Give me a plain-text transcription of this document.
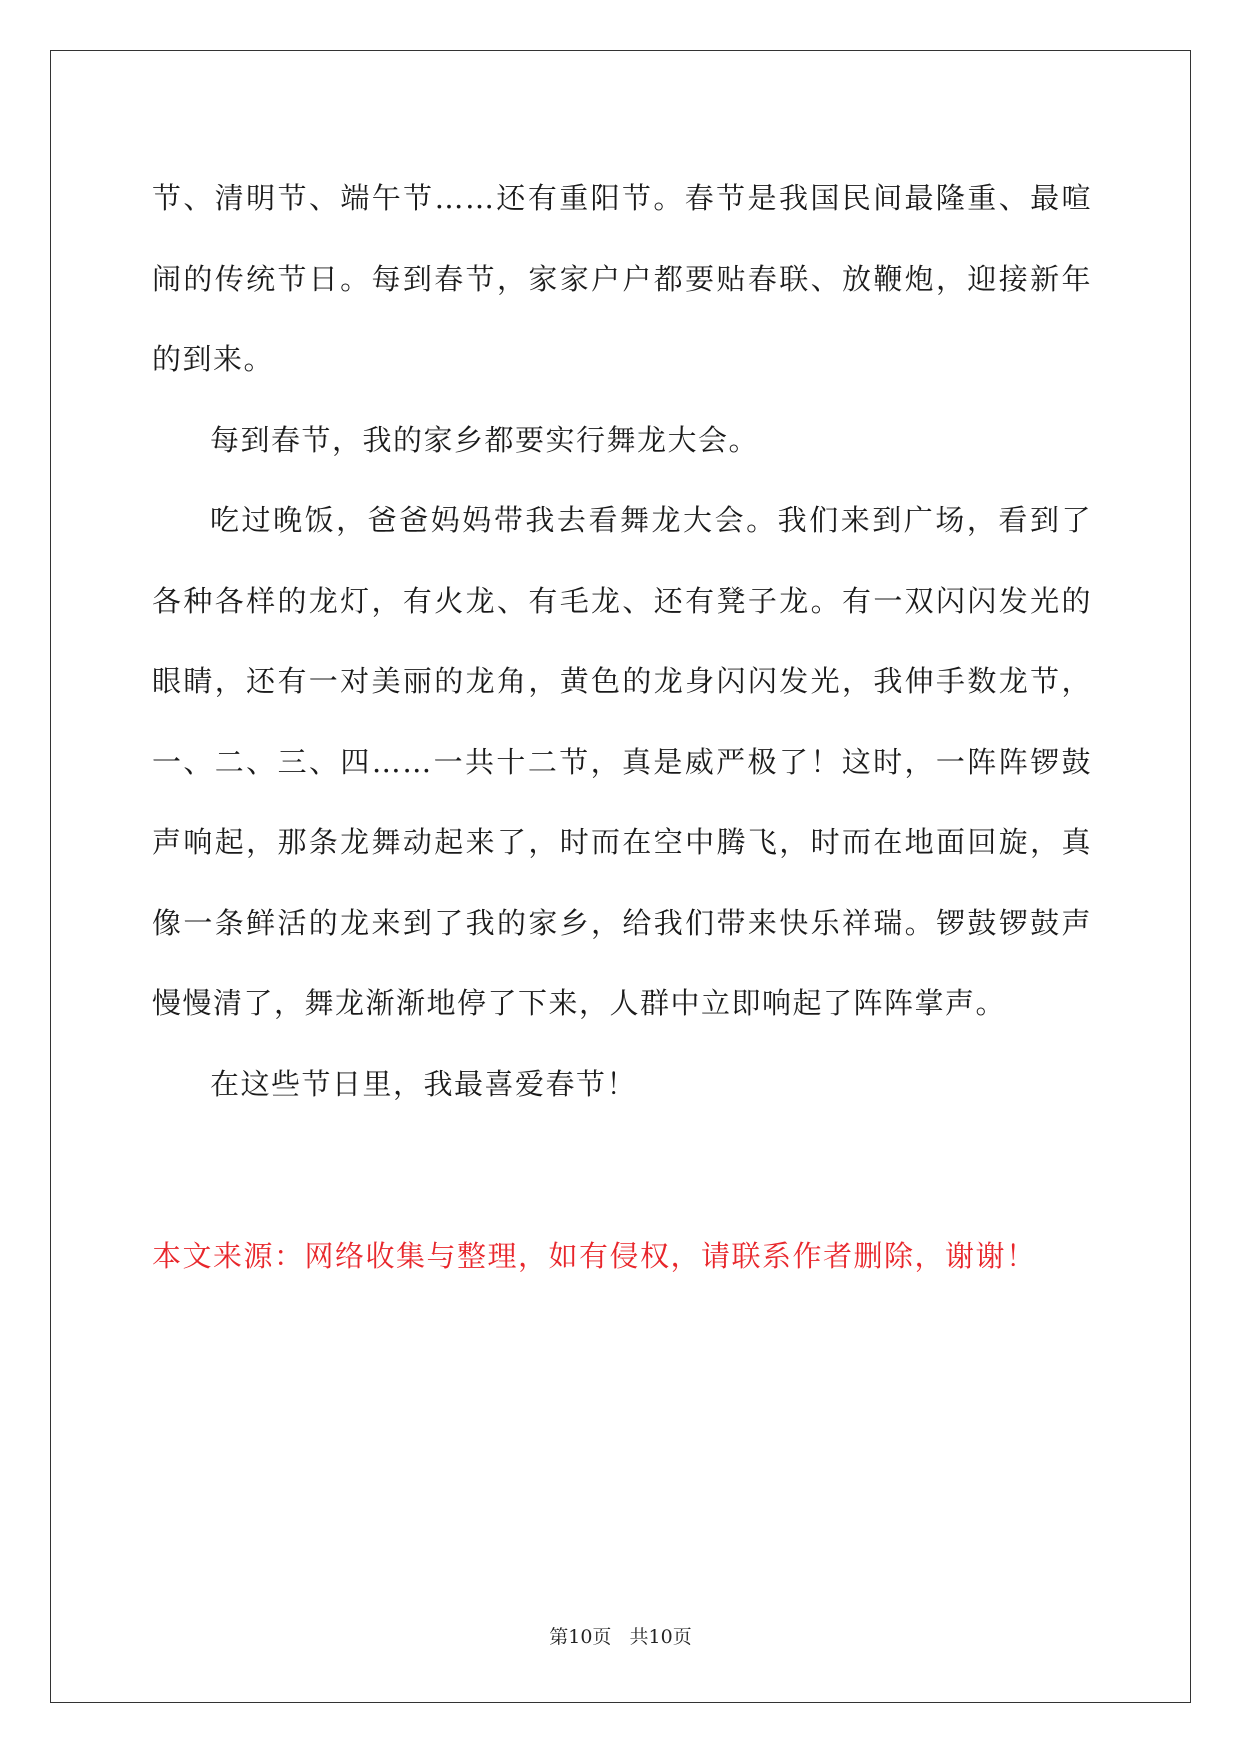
节、清明节、端午节……还有重阳节。春节是我国民间最隆重、最喧闹的传统节日。每到春节，家家户户都要贴春联、放鞭炮，迎接新年的到来。

每到春节，我的家乡都要实行舞龙大会。

吃过晚饭，爸爸妈妈带我去看舞龙大会。我们来到广场，看到了各种各样的龙灯，有火龙、有毛龙、还有凳子龙。有一双闪闪发光的眼睛，还有一对美丽的龙角，黄色的龙身闪闪发光，我伸手数龙节，一、二、三、四……一共十二节，真是威严极了！这时，一阵阵锣鼓声响起，那条龙舞动起来了，时而在空中腾飞，时而在地面回旋，真像一条鲜活的龙来到了我的家乡，给我们带来快乐祥瑞。锣鼓锣鼓声慢慢清了，舞龙渐渐地停了下来，人群中立即响起了阵阵掌声。

在这些节日里，我最喜爱春节！

本文来源：网络收集与整理，如有侵权，请联系作者删除，谢谢！

第10页   共10页
